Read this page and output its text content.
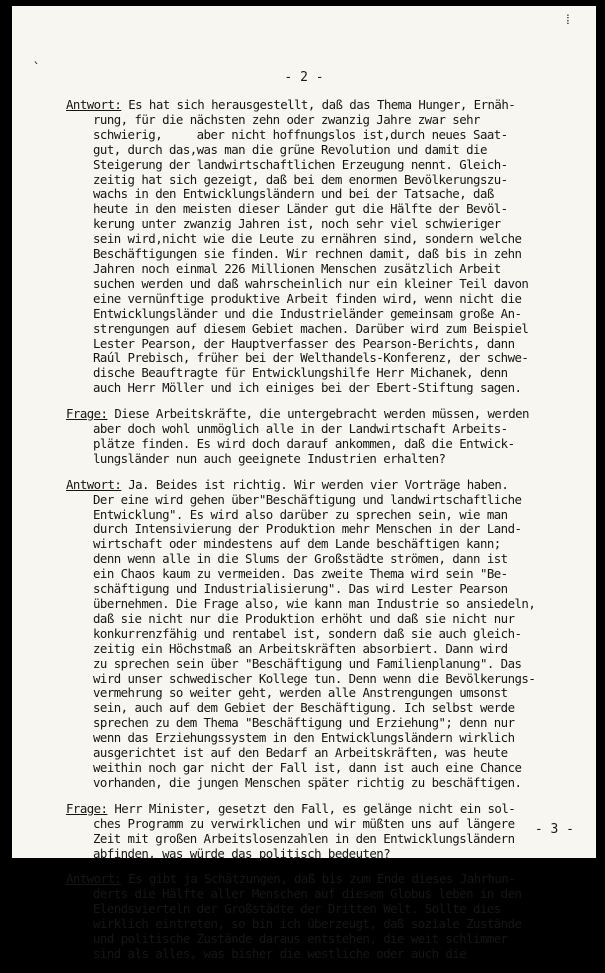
⁞
ˎ
- 2 -
Antwort: Es hat sich herausgestellt, daß das Thema Hunger, Ernäh-
rung, für die nächsten zehn oder zwanzig Jahre zwar sehr
schwierig,     aber nicht hoffnungslos ist,durch neues Saat-
gut, durch das,was man die grüne Revolution und damit die
Steigerung der landwirtschaftlichen Erzeugung nennt. Gleich-
zeitig hat sich gezeigt, daß bei dem enormen Bevölkerungszu-
wachs in den Entwicklungsländern und bei der Tatsache, daß
heute in den meisten dieser Länder gut die Hälfte der Bevöl-
kerung unter zwanzig Jahren ist, noch sehr viel schwieriger
sein wird,nicht wie die Leute zu ernähren sind, sondern welche
Beschäftigungen sie finden. Wir rechnen damit, daß bis in zehn
Jahren noch einmal 226 Millionen Menschen zusätzlich Arbeit
suchen werden und daß wahrscheinlich nur ein kleiner Teil davon
eine vernünftige produktive Arbeit finden wird, wenn nicht die
Entwicklungsländer und die Industrieländer gemeinsam große An-
strengungen auf diesem Gebiet machen. Darüber wird zum Beispiel
Lester Pearson, der Hauptverfasser des Pearson-Berichts, dann
Raúl Prebisch, früher bei der Welthandels-Konferenz, der schwe-
dische Beauftragte für Entwicklungshilfe Herr Michanek, denn
auch Herr Möller und ich einiges bei der Ebert-Stiftung sagen.
Frage: Diese Arbeitskräfte, die untergebracht werden müssen, werden
aber doch wohl unmöglich alle in der Landwirtschaft Arbeits-
plätze finden. Es wird doch darauf ankommen, daß die Entwick-
lungsländer nun auch geeignete Industrien erhalten?
Antwort: Ja. Beides ist richtig. Wir werden vier Vorträge haben.
Der eine wird gehen über"Beschäftigung und landwirtschaftliche
Entwicklung". Es wird also darüber zu sprechen sein, wie man
durch Intensivierung der Produktion mehr Menschen in der Land-
wirtschaft oder mindestens auf dem Lande beschäftigen kann;
denn wenn alle in die Slums der Großstädte strömen, dann ist
ein Chaos kaum zu vermeiden. Das zweite Thema wird sein "Be-
schäftigung und Industrialisierung". Das wird Lester Pearson
übernehmen. Die Frage also, wie kann man Industrie so ansiedeln,
daß sie nicht nur die Produktion erhöht und daß sie nicht nur
konkurrenzfähig und rentabel ist, sondern daß sie auch gleich-
zeitig ein Höchstmaß an Arbeitskräften absorbiert. Dann wird
zu sprechen sein über "Beschäftigung und Familienplanung". Das
wird unser schwedischer Kollege tun. Denn wenn die Bevölkerungs-
vermehrung so weiter geht, werden alle Anstrengungen umsonst
sein, auch auf dem Gebiet der Beschäftigung. Ich selbst werde
sprechen zu dem Thema "Beschäftigung und Erziehung"; denn nur
wenn das Erziehungssystem in den Entwicklungsländern wirklich
ausgerichtet ist auf den Bedarf an Arbeitskräften, was heute
weithin noch gar nicht der Fall ist, dann ist auch eine Chance
vorhanden, die jungen Menschen später richtig zu beschäftigen.
Frage: Herr Minister, gesetzt den Fall, es gelänge nicht ein sol-
ches Programm zu verwirklichen und wir müßten uns auf längere
Zeit mit großen Arbeitslosenzahlen in den Entwicklungsländern
abfinden, was würde das politisch bedeuten?
Antwort: Es gibt ja Schätzungen, daß bis zum Ende dieses Jahrhun-
derts die Hälfte aller Menschen auf diesem Globus leben in den
Elendsvierteln der Großstädte der Dritten Welt. Sollte dies
wirklich eintreten, so bin ich überzeugt, daß soziale Zustände
und politische Zustände daraus entstehen, die weit schlimmer
sind als alles, was bisher die westliche oder auch die
- 3 -
